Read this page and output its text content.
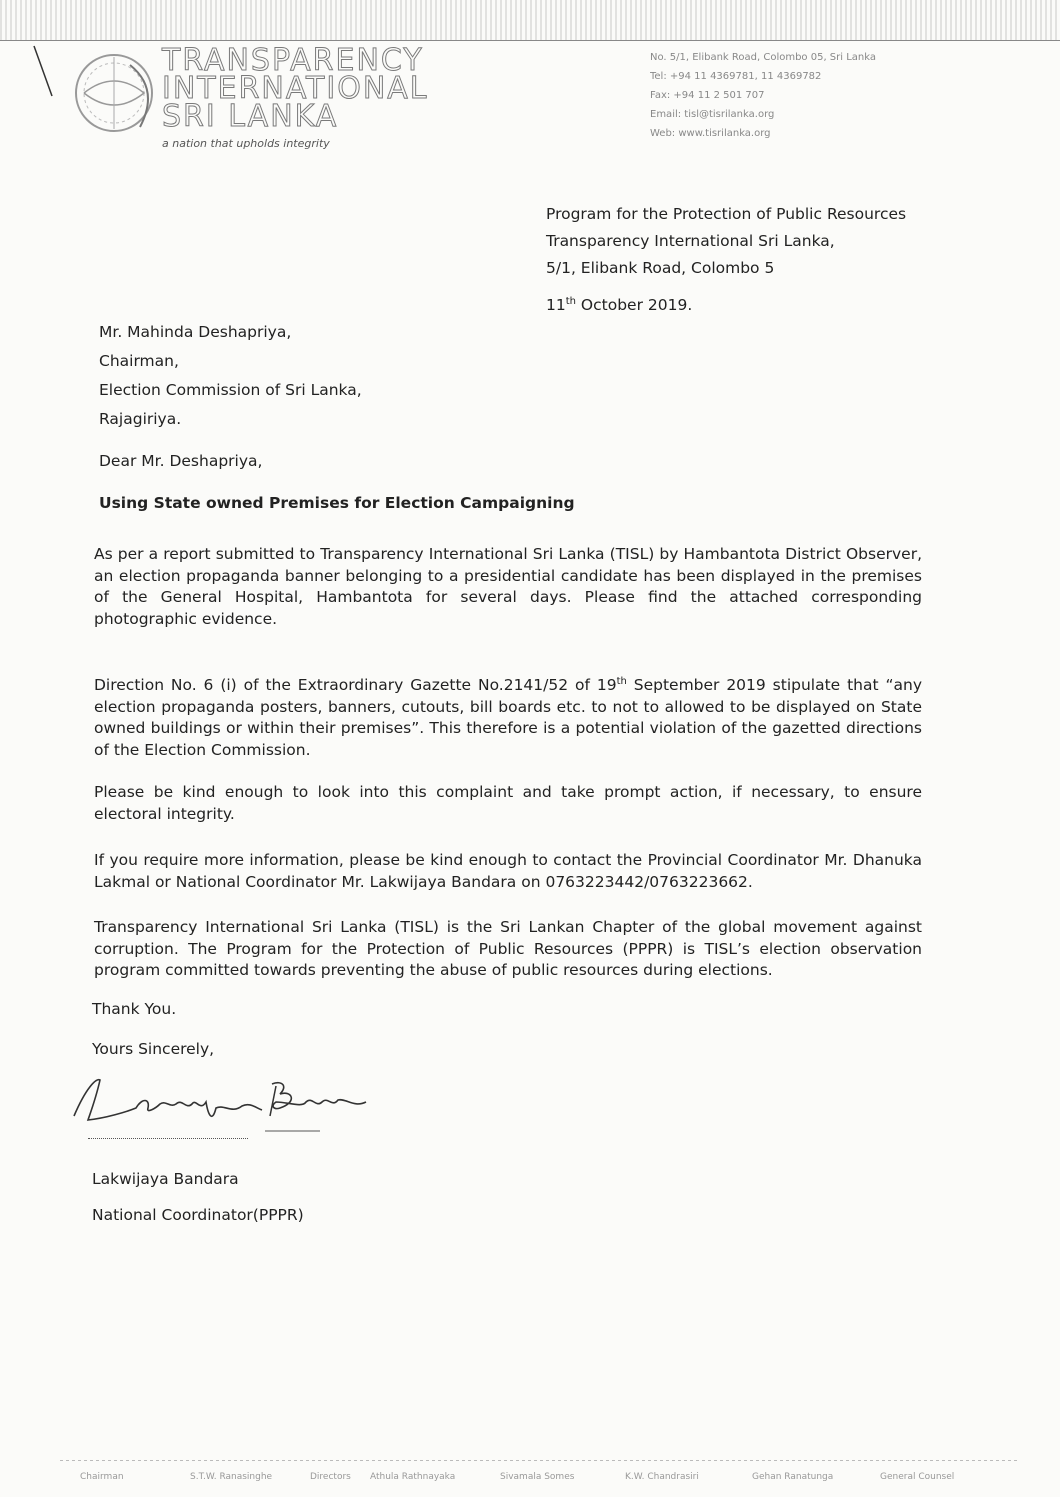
TRANSPARENCY
INTERNATIONAL
SRI LANKA
a nation that upholds integrity
No. 5/1, Elibank Road, Colombo 05, Sri Lanka
Tel: +94 11 4369781, 11 4369782
Fax: +94 11 2 501 707
Email: tisl@tisrilanka.org
Web: www.tisrilanka.org
Program for the Protection of Public Resources
Transparency International Sri Lanka,
5/1, Elibank Road, Colombo 5
11th October 2019.
Mr. Mahinda Deshapriya,
Chairman,
Election Commission of Sri Lanka,
Rajagiriya.
Dear Mr. Deshapriya,
Using State owned Premises for Election Campaigning
As per a report submitted to Transparency International Sri Lanka (TISL) by Hambantota District Observer, an election propaganda banner belonging to a presidential candidate has been displayed in the premises of the General Hospital, Hambantota for several days. Please find the attached corresponding photographic evidence.
Direction No. 6 (i) of the Extraordinary Gazette No.2141/52 of 19th September 2019 stipulate that “any election propaganda posters, banners, cutouts, bill boards etc. to not to allowed to be displayed on State owned buildings or within their premises”. This therefore is a potential violation of the gazetted directions of the Election Commission.
Please be kind enough to look into this complaint and take prompt action, if necessary, to ensure electoral integrity.
If you require more information, please be kind enough to contact the Provincial Coordinator Mr. Dhanuka Lakmal or National Coordinator Mr. Lakwijaya Bandara on 0763223442/0763223662.
Transparency International Sri Lanka (TISL) is the Sri Lankan Chapter of the global movement against corruption. The Program for the Protection of Public Resources (PPPR) is TISL’s election observation program committed towards preventing the abuse of public resources during elections.
Thank You.
Yours Sincerely,
Lakwijaya Bandara
National Coordinator(PPPR)
Chairman	S.T.W. Ranasinghe	Directors Athula Rathnayaka	Sivamala Somes	K.W. Chandrasiri	Gehan Ranatunga	General Counsel
